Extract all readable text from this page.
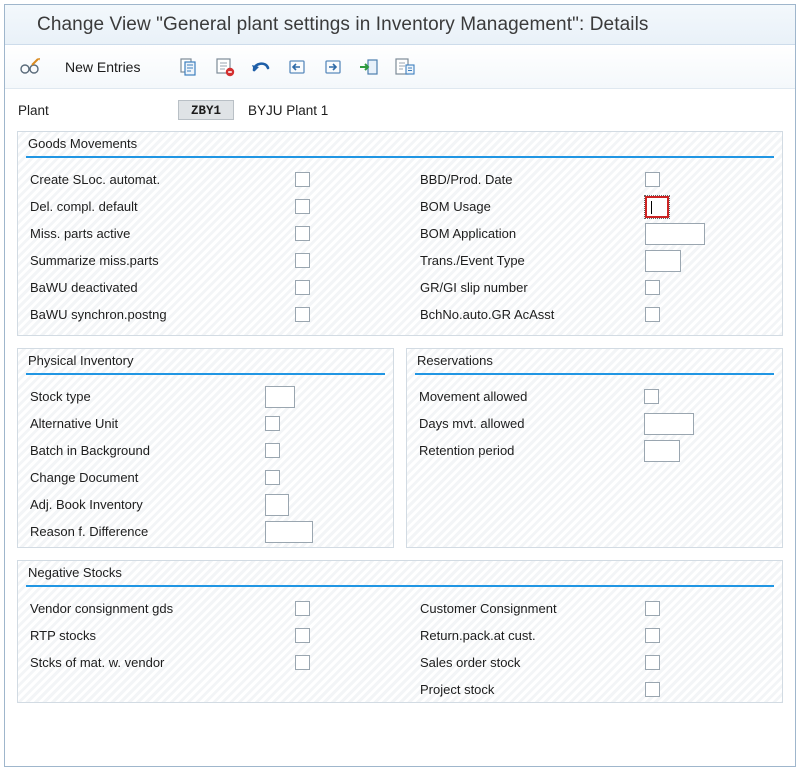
Change View "General plant settings in Inventory Management": Details
New Entries
Plant	ZBY1	BYJU Plant 1
Goods Movements
Create SLoc. automat.
Del. compl. default
Miss. parts active
Summarize miss.parts
BaWU deactivated
BaWU synchron.postng
BBD/Prod. Date
BOM Usage
BOM Application
Trans./Event Type
GR/GI slip number
BchNo.auto.GR AcAsst
Physical Inventory
Stock type
Alternative Unit
Batch in Background
Change Document
Adj. Book Inventory
Reason f. Difference
Reservations
Movement allowed
Days mvt. allowed
Retention period
Negative Stocks
Vendor consignment gds
RTP stocks
Stcks of mat. w. vendor
Customer Consignment
Return.pack.at cust.
Sales order stock
Project stock
